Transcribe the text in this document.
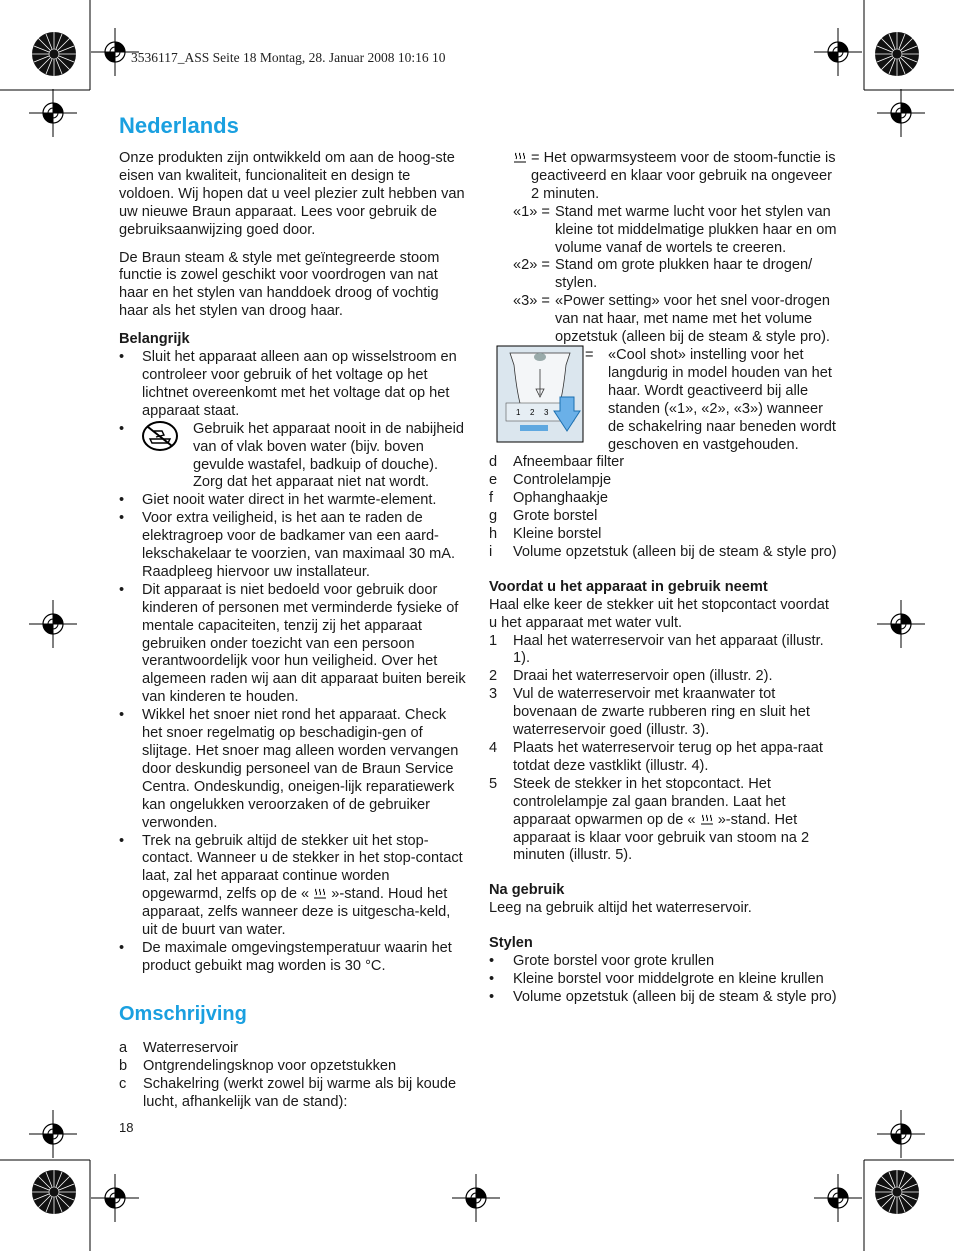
3536117_ASS Seite 18 Montag, 28. Januar 2008 10:16 10
Nederlands

Onze produkten zijn ontwikkeld om aan de hoog-ste eisen van kwaliteit, funcionaliteit en design te voldoen. Wij hopen dat u veel plezier zult hebben van uw nieuwe Braun apparaat. Lees voor gebruik de gebruiksaanwijzing goed door.

De Braun steam & style met geïntegreerde stoom functie is zowel geschikt voor voordrogen van nat haar en het stylen van handdoek droog of vochtig haar als het stylen van droog haar.

Belangrijk

•	Sluit het apparaat alleen aan op wisselstroom en controleer voor gebruik of het voltage op het lichtnet overeenkomt met het voltage dat op het apparaat staat.
•	Gebruik het apparaat nooit in de nabijheid van of vlak boven water (bijv. boven gevulde wastafel, badkuip of douche). Zorg dat het apparaat niet nat wordt.
•	Giet nooit water direct in het warmte-element.
•	Voor extra veiligheid, is het aan te raden de elektragroep voor de badkamer van een aard-lekschakelaar te voorzien, van maximaal 30 mA. Raadpleeg hiervoor uw installateur.
•	Dit apparaat is niet bedoeld voor gebruik door kinderen of personen met verminderde fysieke of mentale capaciteiten, tenzij zij het apparaat gebruiken onder toezicht van een persoon verantwoordelijk voor hun veiligheid. Over het algemeen raden wij aan dit apparaat buiten bereik van kinderen te houden.
•	Wikkel het snoer niet rond het apparaat. Check het snoer regelmatig op beschadigin-gen of slijtage. Het snoer mag alleen worden vervangen door deskundig personeel van de Braun Service Centra. Ondeskundig, oneigen-lijk reparatiewerk kan ongelukken veroorzaken of de gebruiker verwonden.
•	Trek na gebruik altijd de stekker uit het stop-contact. Wanneer u de stekker in het stop-contact laat, zal het apparaat continue worden opgewarmd, zelfs op de « »-stand. Houd het apparaat, zelfs wanneer deze is uitgescha-keld, uit de buurt van water.
•	De maximale omgevingstemperatuur waarin het product gebuikt mag worden is 30 °C.
Omschrijving
a	Waterreservoir
b	Ontgrendelingsknop voor opzetstukken
c	Schakelring (werkt zowel bij warme als bij koude lucht, afhankelijk van de stand):
18
= Het opwarmsysteem voor de stoom-functie is geactiveerd en klaar voor gebruik na ongeveer 2 minuten.
«1» = Stand met warme lucht voor het stylen van kleine tot middelmatige plukken haar en om volume vanaf de wortels te creeren.
«2» = Stand om grote plukken haar te drogen/ stylen.
«3» = «Power setting» voor het snel voor-drogen van nat haar, met name met het volume opzetstuk (alleen bij de steam & style pro).
1 2 3
= «Cool shot» instelling voor het langdurig in model houden van het haar. Wordt geactiveerd bij alle standen («1», «2», «3») wanneer de schakelring naar beneden wordt geschoven en vastgehouden.
d	Afneembaar filter
e	Controlelampje
f	Ophanghaakje
g	Grote borstel
h	Kleine borstel
i	Volume opzetstuk (alleen bij de steam & style pro)

Voordat u het apparaat in gebruik neemt

Haal elke keer de stekker uit het stopcontact voordat u het apparaat met water vult.

1	Haal het waterreservoir van het apparaat (illustr. 1).
2	Draai het waterreservoir open (illustr. 2).
3	Vul de waterreservoir met kraanwater tot bovenaan de zwarte rubberen ring en sluit het waterreservoir goed (illustr. 3).
4	Plaats het waterreservoir terug op het appa-raat totdat deze vastklikt (illustr. 4).
5	Steek de stekker in het stopcontact. Het controlelampje zal gaan branden. Laat het apparaat opwarmen op de « »-stand. Het apparaat is klaar voor gebruik van stoom na 2 minuten (illustr. 5).

Na gebruik

Leeg na gebruik altijd het waterreservoir.

Stylen

•	Grote borstel voor grote krullen
•	Kleine borstel voor middelgrote en kleine krullen
•	Volume opzetstuk (alleen bij de steam & style pro)
